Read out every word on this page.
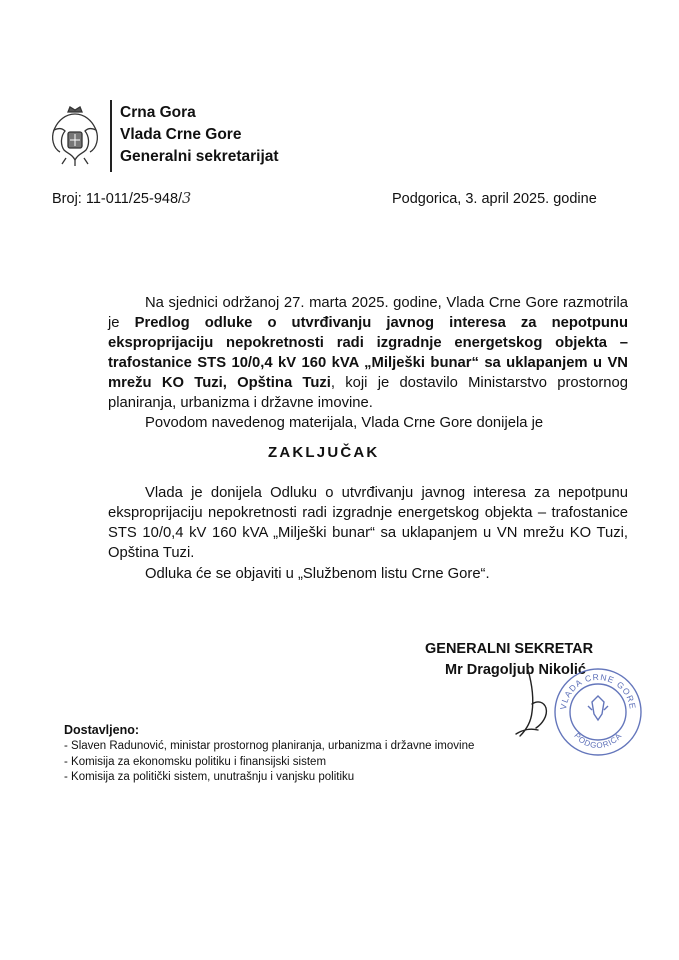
Crna Gora
Vlada Crne Gore
Generalni sekretarijat
Broj: 11-011/25-948/3	Podgorica, 3. april 2025. godine
Na sjednici održanoj 27. marta 2025. godine, Vlada Crne Gore razmotrila je Predlog odluke o utvrđivanju javnog interesa za nepotpunu eksproprijaciju nepokretnosti radi izgradnje energetskog objekta – trafostanice STS 10/0,4 kV 160 kVA „Milješki bunar“ sa uklapanjem u VN mrežu KO Tuzi, Opština Tuzi, koji je dostavilo Ministarstvo prostornog planiranja, urbanizma i državne imovine.
Povodom navedenog materijala, Vlada Crne Gore donijela je
ZAKLJUČAK
Vlada je donijela Odluku o utvrđivanju javnog interesa za nepotpunu eksproprijaciju nepokretnosti radi izgradnje energetskog objekta – trafostanice STS 10/0,4 kV 160 kVA „Milješki bunar“ sa uklapanjem u VN mrežu KO Tuzi, Opština Tuzi.
Odluka će se objaviti u „Službenom listu Crne Gore“.
GENERALNI SEKRETAR
Mr Dragoljub Nikolić
VLADA CRNE GORE
PODGORICA
Dostavljeno:
- Slaven Radunović, ministar prostornog planiranja, urbanizma i državne imovine
- Komisija za ekonomsku politiku i finansijski sistem
- Komisija za politički sistem, unutrašnju i vanjsku politiku
